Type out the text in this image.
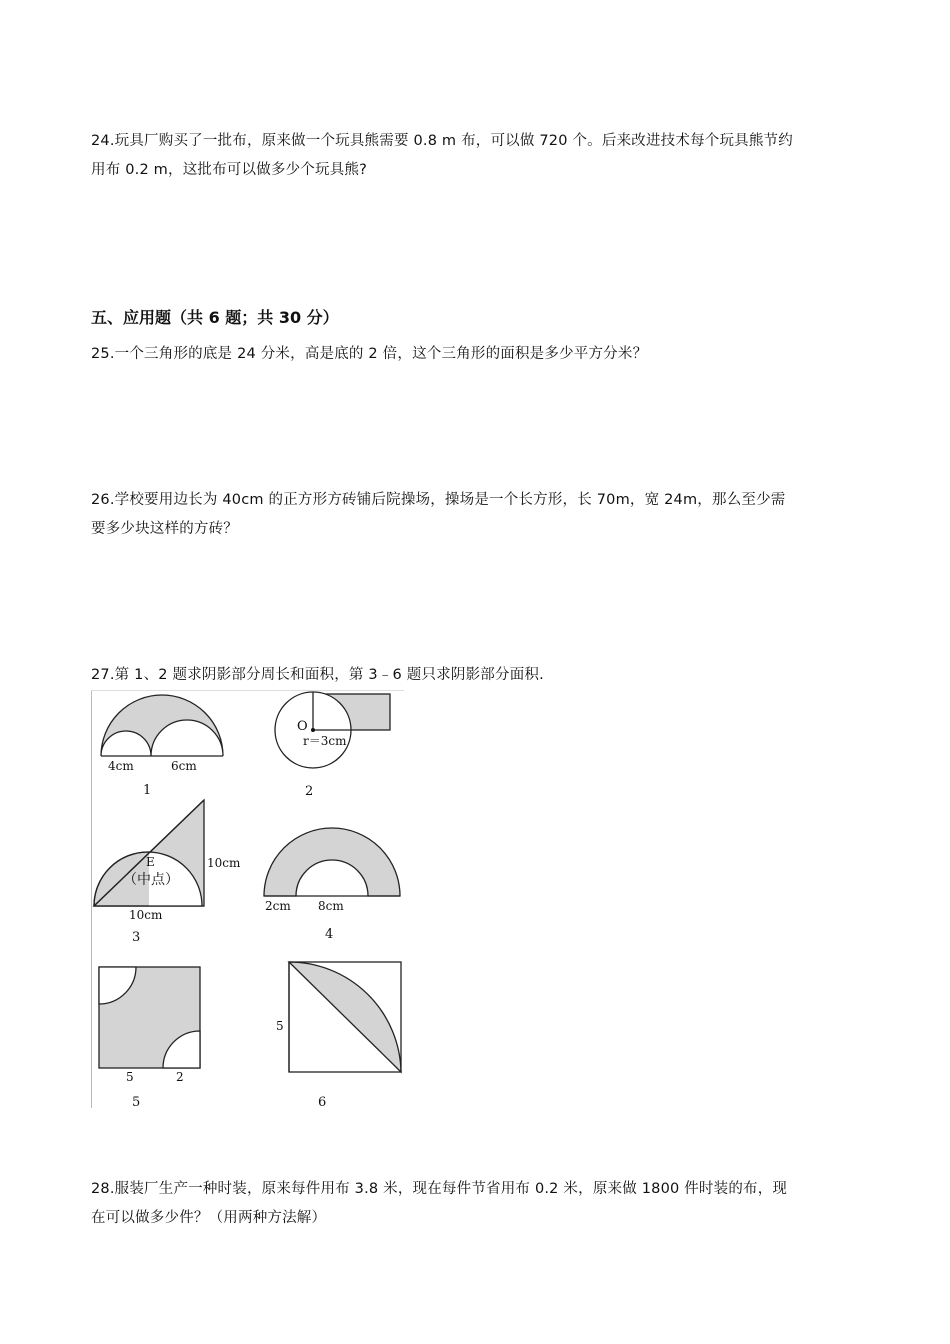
24.玩具厂购买了一批布，原来做一个玩具熊需要 0.8 m 布，可以做 720 个。后来改进技术每个玩具熊节约
用布 0.2 m，这批布可以做多少个玩具熊?
五、应用题（共 6 题；共 30 分）
25.一个三角形的底是 24 分米，高是底的 2 倍，这个三角形的面积是多少平方分米？
26.学校要用边长为 40cm 的正方形方砖铺后院操场，操场是一个长方形，长 70m，宽 24m，那么至少需
要多少块这样的方砖？
27.第 1、2 题求阴影部分周长和面积，第 3﹣6 题只求阴影部分面积.
4cm	6cm
1
O
r＝3cm
2
E
（中点）
10cm
10cm
3
2cm 8cm
4
5	2
5
5
6
28.服装厂生产一种时装，原来每件用布 3.8 米，现在每件节省用布 0.2 米，原来做 1800 件时装的布，现
在可以做多少件？（用两种方法解）
